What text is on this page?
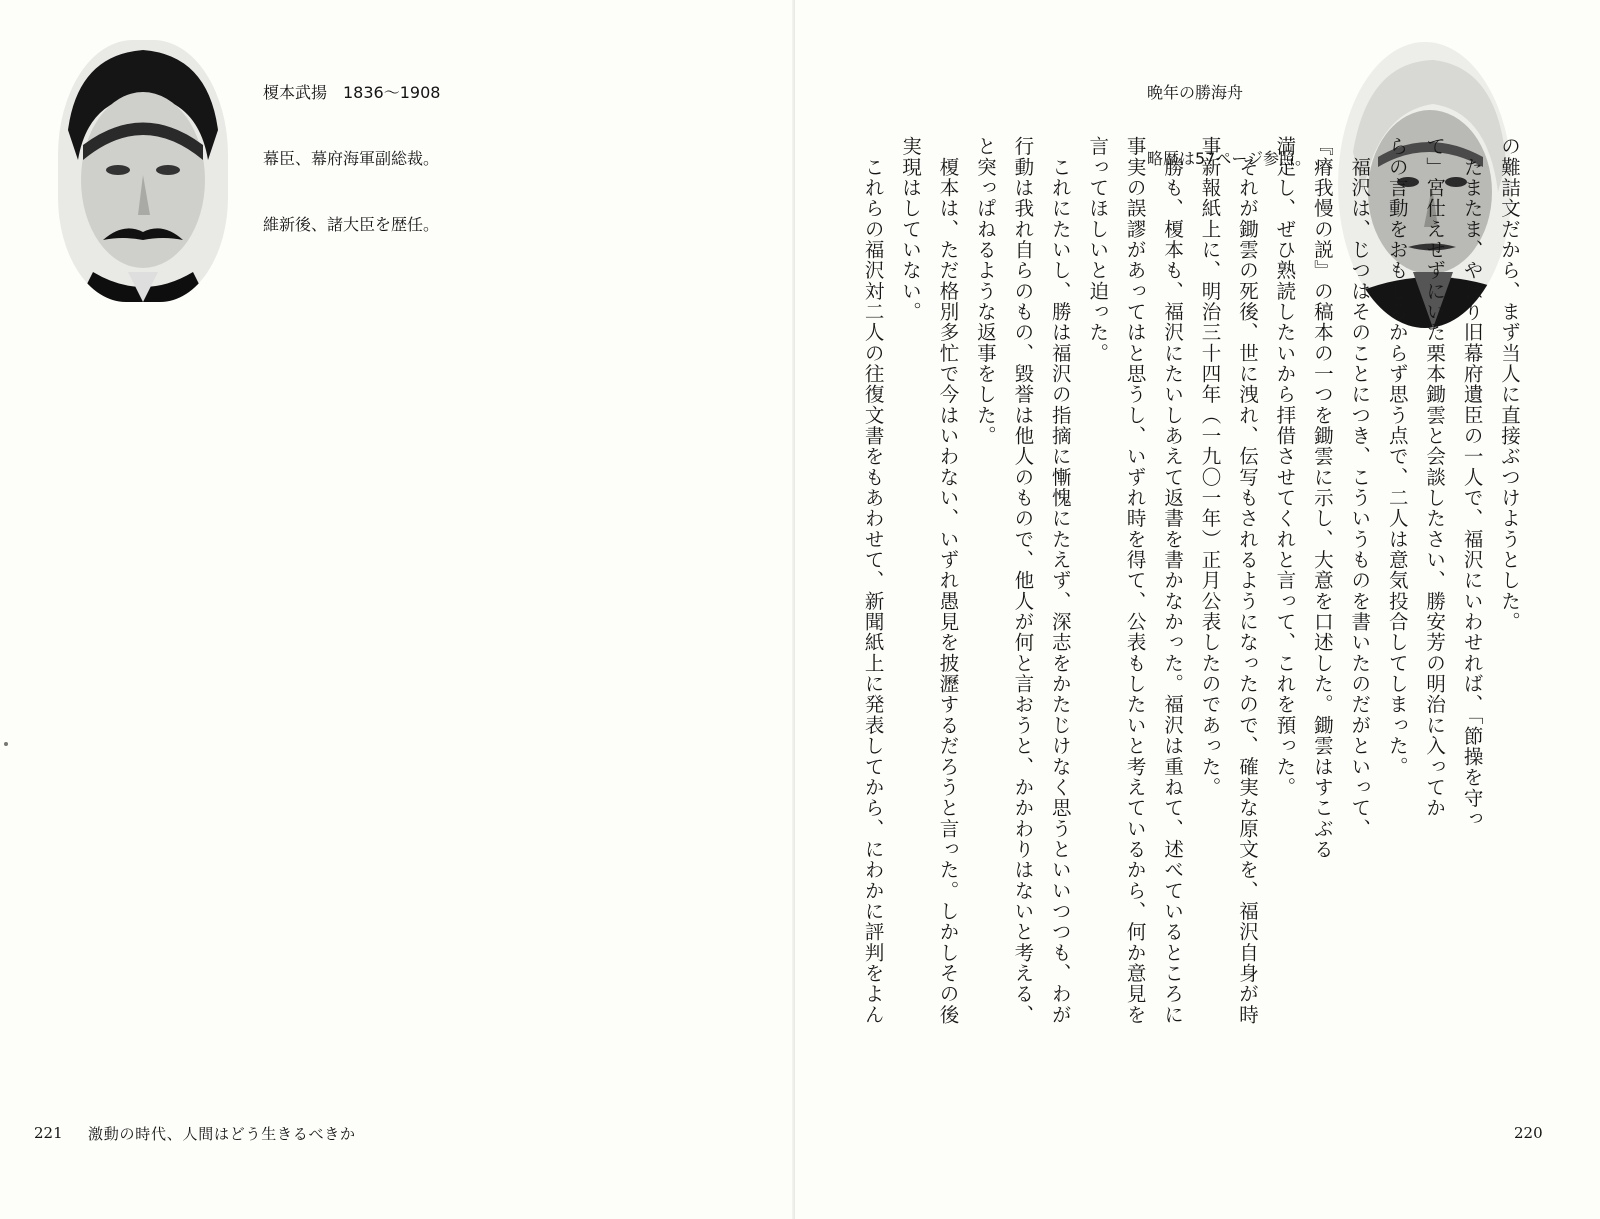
榎本武揚　1836〜1908

幕臣、幕府海軍副総裁。

維新後、諸大臣を歴任。

221 激動の時代、人間はどう生きるべきか

晩年の勝海舟

略歴は57ページ参照。

	の難詰文だから、まず当人に直接ぶつけようとした。
　たまたま、やはり旧幕府遺臣の一人で、福沢にいわせれば、「節操を守っ
て」宮仕えせずにいた栗本鋤雲と会談したさい、勝安芳の明治に入ってか
らの言動をおもしろからず思う点で、二人は意気投合してしまった。
　福沢は、じつはそのことにつき、こういうものを書いたのだがといって、
『瘠我慢の説』の稿本の一つを鋤雲に示し、大意を口述した。鋤雲はすこぶる
満足し、ぜひ熟読したいから拝借させてくれと言って、これを預った。
　それが鋤雲の死後、世に洩れ、伝写もされるようになったので、確実な原文を、福沢自身が時
事新報紙上に、明治三十四年（一九〇一年）正月公表したのであった。
　勝も、榎本も、福沢にたいしあえて返書を書かなかった。福沢は重ねて、述べているところに
事実の誤謬があってはと思うし、いずれ時を得て、公表もしたいと考えているから、何か意見を
言ってほしいと迫った。
　これにたいし、勝は福沢の指摘に慚愧にたえず、深志をかたじけなく思うといいつつも、わが
行動は我れ自らのもの、毀誉は他人のもので、他人が何と言おうと、かかわりはないと考える、
と突っぱねるような返事をした。
　榎本は、ただ格別多忙で今はいわない、いずれ愚見を披瀝するだろうと言った。しかしその後
実現はしていない。
　これらの福沢対二人の往復文書をもあわせて、新聞紙上に発表してから、にわかに評判をよん
220
